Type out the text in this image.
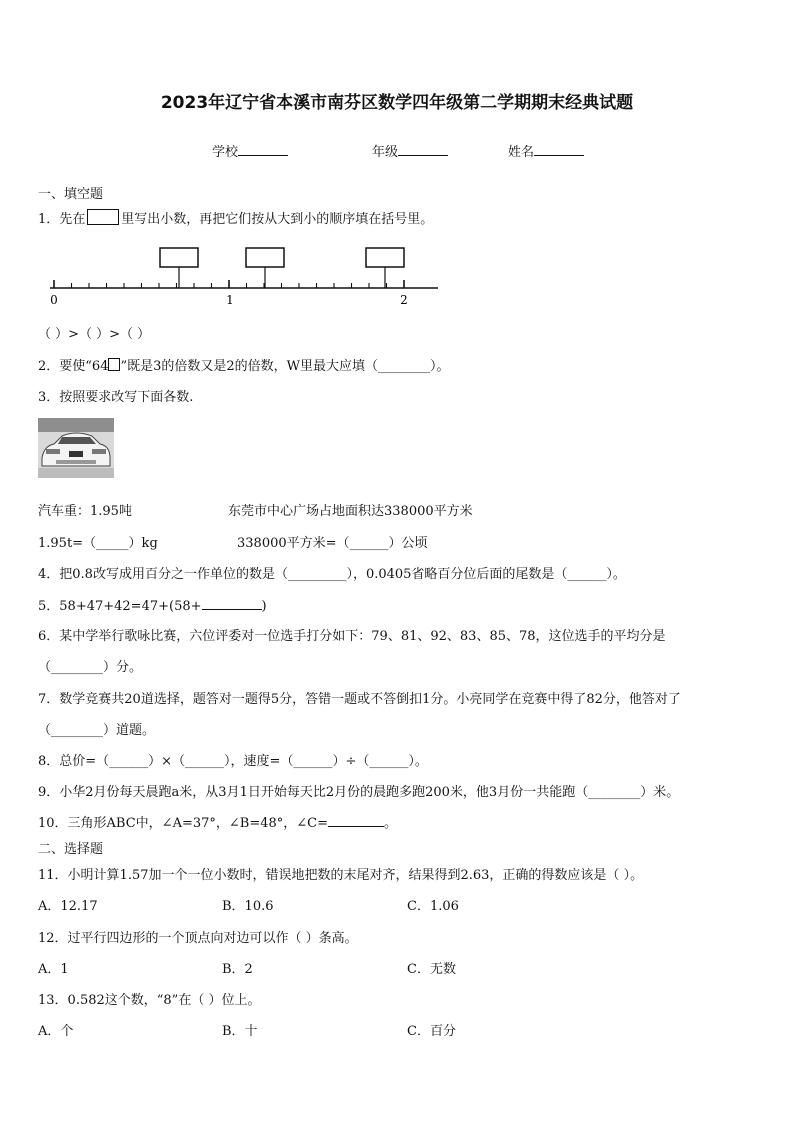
2023年辽宁省本溪市南芬区数学四年级第二学期期末经典试题
学校	年级	姓名
一、填空题
1．先在	里写出小数，再把它们按从大到小的顺序填在括号里。
0	1	2
（ ）>（ ）>（ ）
2．要使“64 ”既是3的倍数又是2的倍数，W里最大应填（________）。
3．按照要求改写下面各数.
汽车重：1.95吨	东莞市中心广场占地面积达338000平方米
1.95t=（_____）kg	338000平方米=（______）公顷
4．把0.8改写成用百分之一作单位的数是（_________），0.0405省略百分位后面的尾数是（______）。
5．58+47+42=47+(58+	)
6．某中学举行歌咏比赛，六位评委对一位选手打分如下：79、81、92、83、85、78，这位选手的平均分是
（________）分。
7．数学竞赛共20道选择，题答对一题得5分，答错一题或不答倒扣1分。小亮同学在竞赛中得了82分，他答对了
（________）道题。
8．总价=（______）×（______），速度=（______）÷（______）。
9．小华2月份每天晨跑a米，从3月1日开始每天比2月份的晨跑多跑200米，他3月份一共能跑（________）米。
10．三角形ABC中，∠A=37°，∠B=48°，∠C=	。
二、选择题
11．小明计算1.57加一个一位小数时，错误地把数的末尾对齐，结果得到2.63，正确的得数应该是（ ）。
A．12.17	B．10.6	C．1.06
12．过平行四边形的一个顶点向对边可以作（ ）条高。
A．1	B．2	C．无数
13．0.582这个数，“8”在（ ）位上。
A．个	B．十	C．百分
